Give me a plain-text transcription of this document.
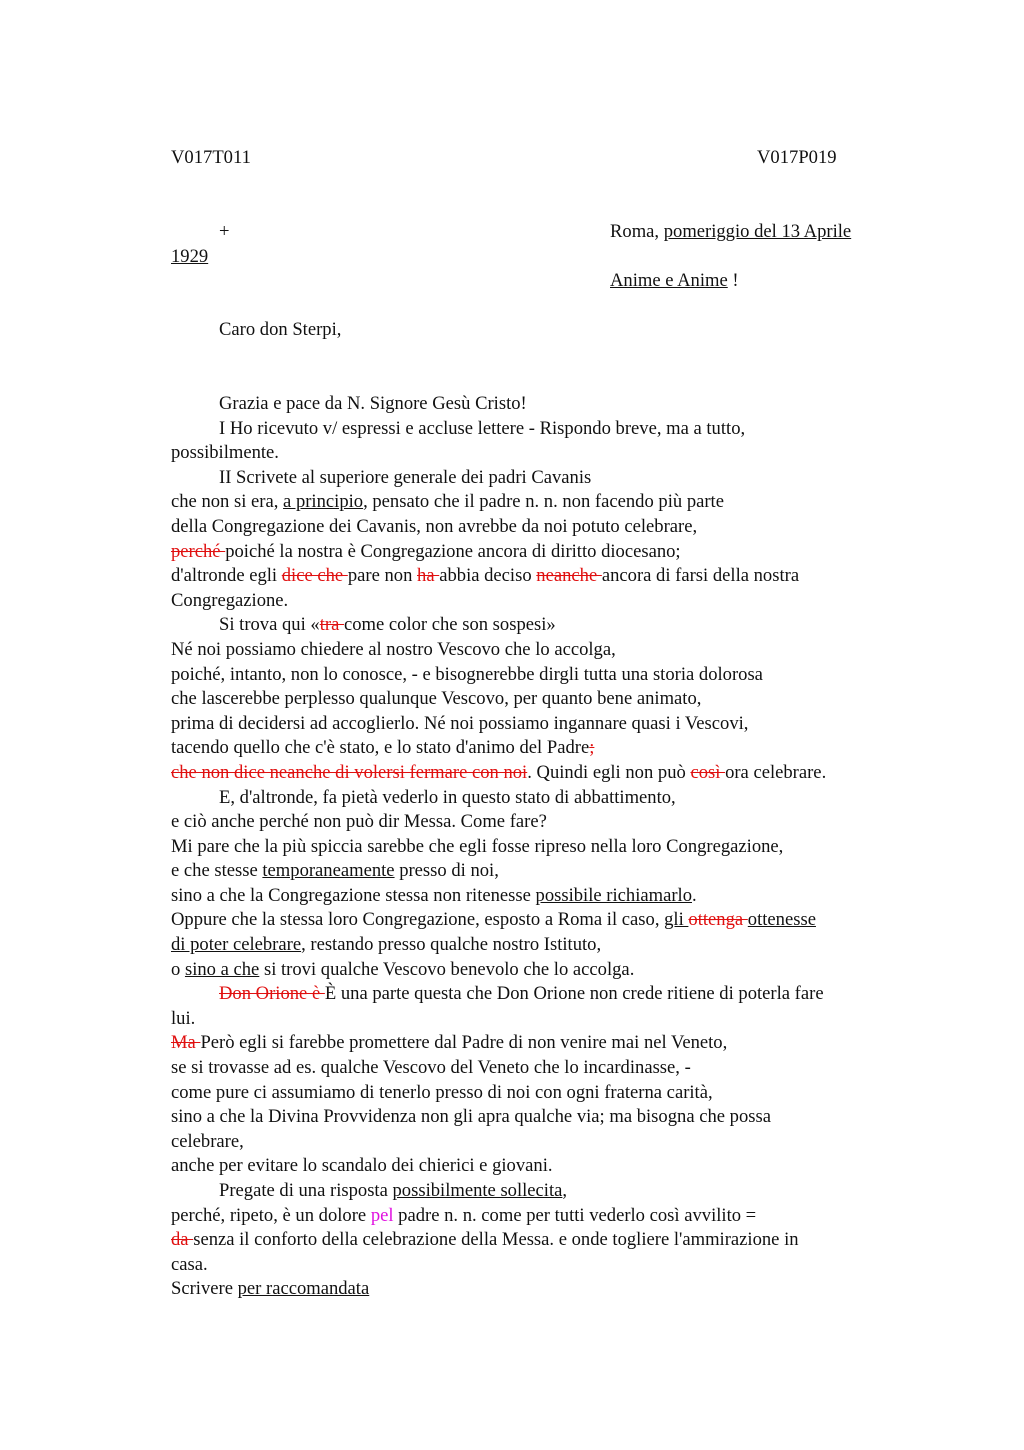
V017T011	V017P019
+	Roma, pomeriggio del 13 Aprile
1929
Anime e Anime !
Caro don Sterpi,
Grazia e pace da N. Signore Gesù Cristo!
I Ho ricevuto v/ espressi e accluse lettere - Rispondo breve, ma a tutto,
possibilmente.
II Scrivete al superiore generale dei padri Cavanis
che non si era, a principio, pensato che il padre n. n. non facendo più parte
della Congregazione dei Cavanis, non avrebbe da noi potuto celebrare,
perché poiché la nostra è Congregazione ancora di diritto diocesano;
d'altronde egli dice che pare non ha abbia deciso neanche ancora di farsi della nostra
Congregazione.
Si trova qui «tra come color che son sospesi»
Né noi possiamo chiedere al nostro Vescovo che lo accolga,
poiché, intanto, non lo conosce, - e bisognerebbe dirgli tutta una storia dolorosa
che lascerebbe perplesso qualunque Vescovo, per quanto bene animato,
prima di decidersi ad accoglierlo. Né noi possiamo ingannare quasi i Vescovi,
tacendo quello che c'è stato, e lo stato d'animo del Padre;
che non dice neanche di volersi fermare con noi. Quindi egli non può così ora celebrare.
E, d'altronde, fa pietà vederlo in questo stato di abbattimento,
e ciò anche perché non può dir Messa. Come fare?
Mi pare che la più spiccia sarebbe che egli fosse ripreso nella loro Congregazione,
e che stesse temporaneamente presso di noi,
sino a che la Congregazione stessa non ritenesse possibile richiamarlo.
Oppure che la stessa loro Congregazione, esposto a Roma il caso, gli ottenga ottenesse
di poter celebrare, restando presso qualche nostro Istituto,
o sino a che si trovi qualche Vescovo benevolo che lo accolga.
Don Orione è È una parte questa che Don Orione non crede ritiene di poterla fare
lui.
Ma Però egli si farebbe promettere dal Padre di non venire mai nel Veneto,
se si trovasse ad es. qualche Vescovo del Veneto che lo incardinasse, -
come pure ci assumiamo di tenerlo presso di noi con ogni fraterna carità,
sino a che la Divina Provvidenza non gli apra qualche via; ma bisogna che possa
celebrare,
anche per evitare lo scandalo dei chierici e giovani.
Pregate di una risposta possibilmente sollecita,
perché, ripeto, è un dolore pel padre n. n. come per tutti vederlo così avvilito =
da senza il conforto della celebrazione della Messa. e onde togliere l'ammirazione in
casa.
Scrivere per raccomandata
